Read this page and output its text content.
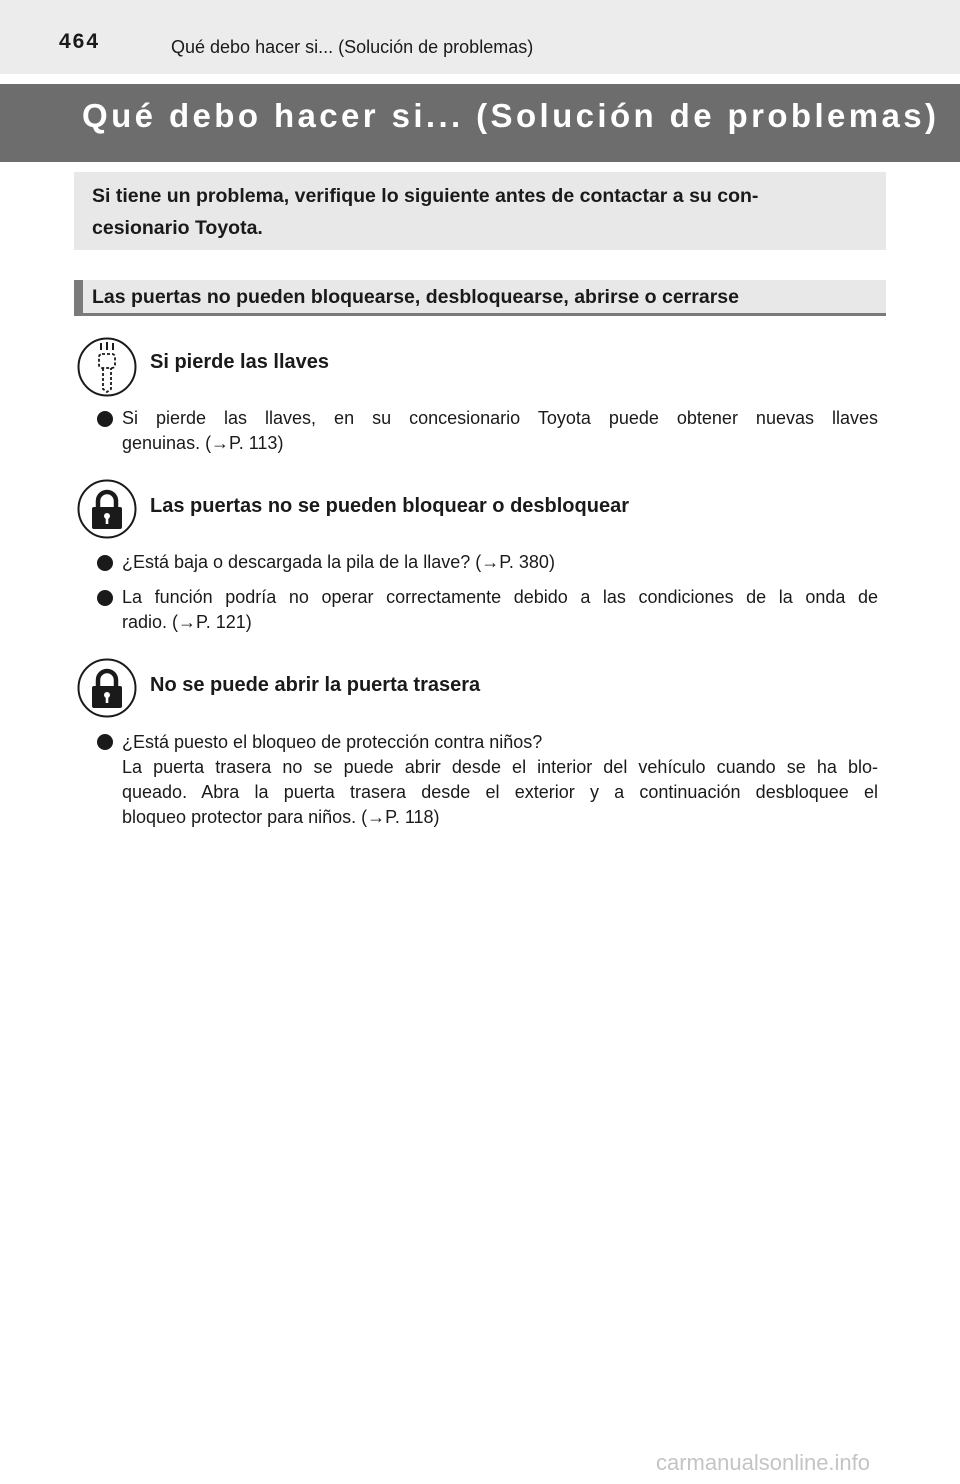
464	Qué debo hacer si... (Solución de problemas)
Qué debo hacer si... (Solución de problemas)
Si tiene un problema, verifique lo siguiente antes de contactar a su con-
cesionario Toyota.
Las puertas no pueden bloquearse, desbloquearse, abrirse o cerrarse
Si pierde las llaves
Si pierde las llaves, en su concesionario Toyota puede obtener nuevas llaves
genuinas. (→P. 113)
Las puertas no se pueden bloquear o desbloquear
¿Está baja o descargada la pila de la llave? (→P. 380)
La función podría no operar correctamente debido a las condiciones de la onda de
radio. (→P. 121)
No se puede abrir la puerta trasera
¿Está puesto el bloqueo de protección contra niños?
La puerta trasera no se puede abrir desde el interior del vehículo cuando se ha blo-
queado. Abra la puerta trasera desde el exterior y a continuación desbloquee el
bloqueo protector para niños. (→P. 118)
carmanualsonline.info
